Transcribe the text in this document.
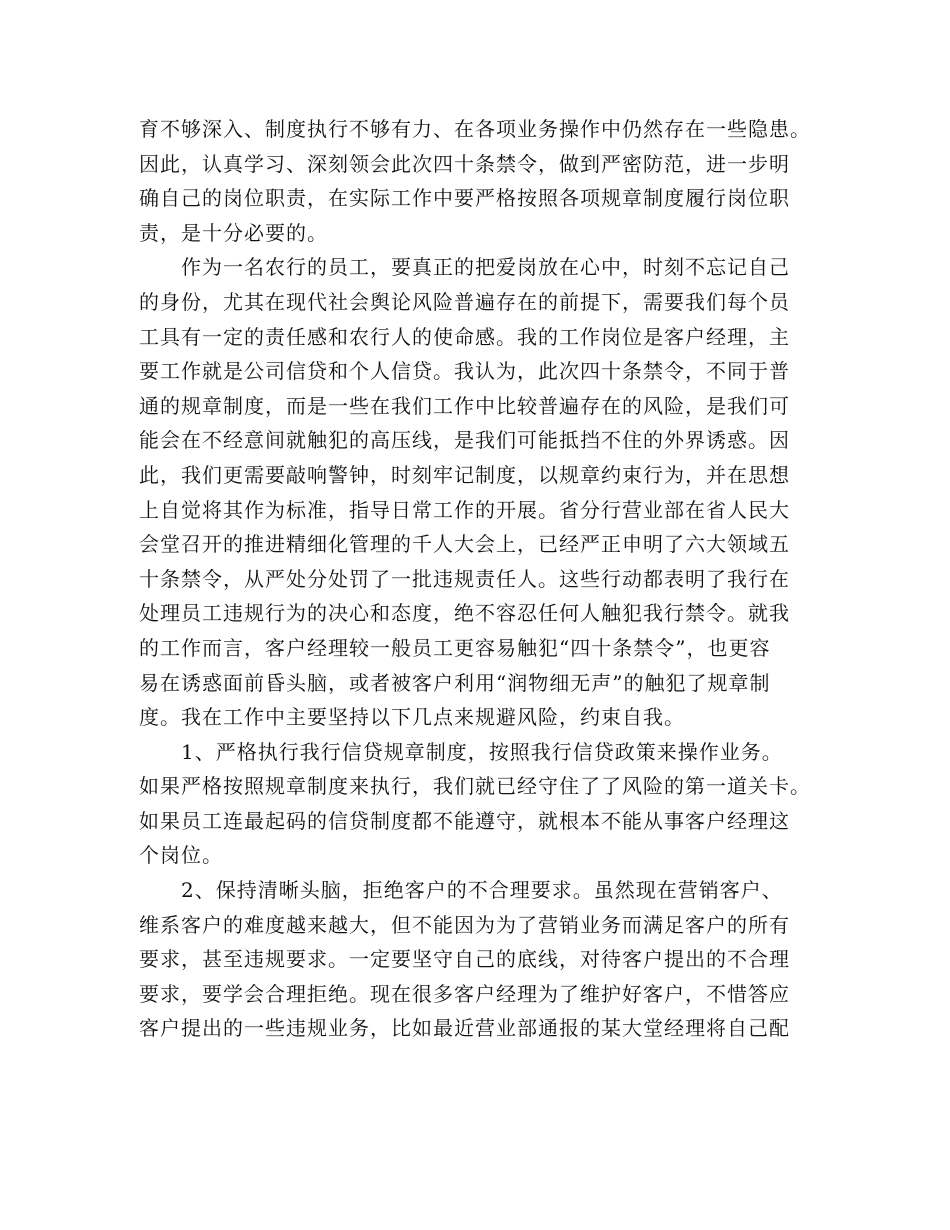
育不够深入、制度执行不够有力、在各项业务操作中仍然存在一些隐患。
因此，认真学习、深刻领会此次四十条禁令，做到严密防范，进一步明
确自己的岗位职责，在实际工作中要严格按照各项规章制度履行岗位职
责，是十分必要的。
作为一名农行的员工，要真正的把爱岗放在心中，时刻不忘记自己
的身份，尤其在现代社会舆论风险普遍存在的前提下，需要我们每个员
工具有一定的责任感和农行人的使命感。我的工作岗位是客户经理，主
要工作就是公司信贷和个人信贷。我认为，此次四十条禁令，不同于普
通的规章制度，而是一些在我们工作中比较普遍存在的风险，是我们可
能会在不经意间就触犯的高压线，是我们可能抵挡不住的外界诱惑。因
此，我们更需要敲响警钟，时刻牢记制度，以规章约束行为，并在思想
上自觉将其作为标准，指导日常工作的开展。省分行营业部在省人民大
会堂召开的推进精细化管理的千人大会上，已经严正申明了六大领域五
十条禁令，从严处分处罚了一批违规责任人。这些行动都表明了我行在
处理员工违规行为的决心和态度，绝不容忍任何人触犯我行禁令。就我
的工作而言，客户经理较一般员工更容易触犯“四十条禁令”，也更容
易在诱惑面前昏头脑，或者被客户利用“润物细无声”的触犯了规章制
度。我在工作中主要坚持以下几点来规避风险，约束自我。
1、严格执行我行信贷规章制度，按照我行信贷政策来操作业务。
如果严格按照规章制度来执行，我们就已经守住了了风险的第一道关卡。
如果员工连最起码的信贷制度都不能遵守，就根本不能从事客户经理这
个岗位。
2、保持清晰头脑，拒绝客户的不合理要求。虽然现在营销客户、
维系客户的难度越来越大，但不能因为为了营销业务而满足客户的所有
要求，甚至违规要求。一定要坚守自己的底线，对待客户提出的不合理
要求，要学会合理拒绝。现在很多客户经理为了维护好客户，不惜答应
客户提出的一些违规业务，比如最近营业部通报的某大堂经理将自己配
